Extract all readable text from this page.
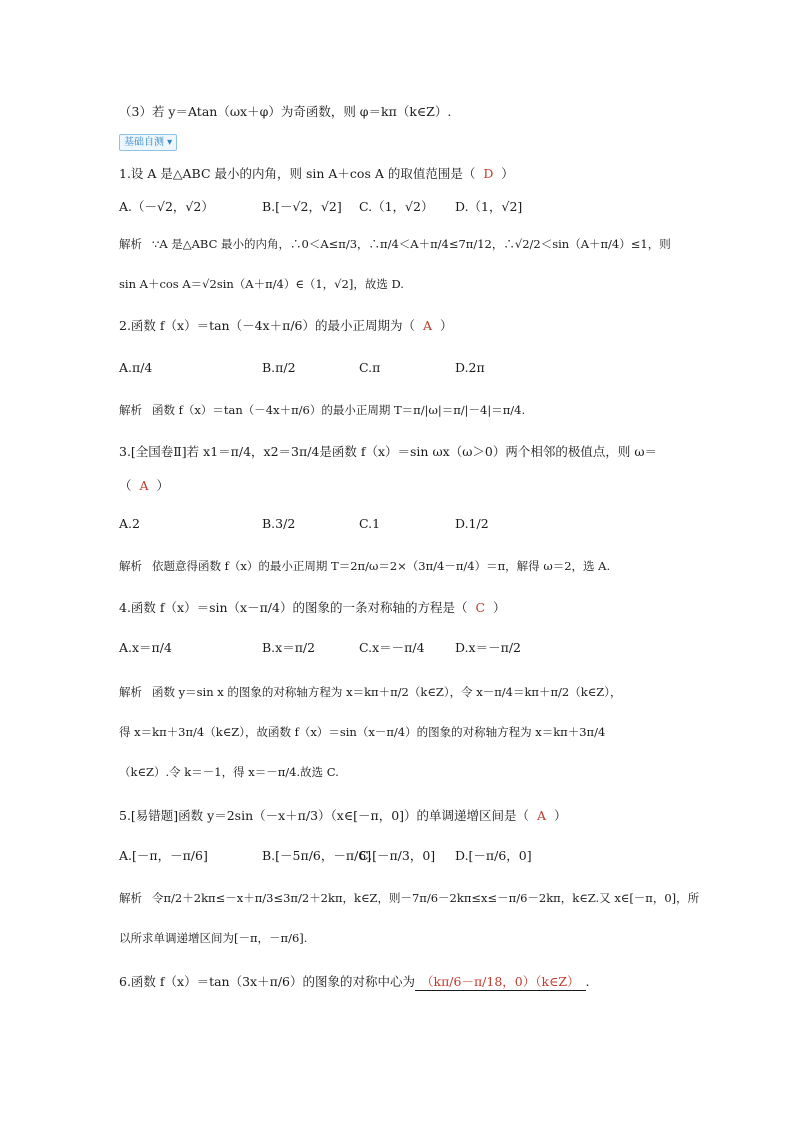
（3）若 y＝Atan（ωx＋φ）为奇函数，则 φ＝kπ（k∈Z）.
基础自测 ▾
1.设 A 是△ABC 最小的内角，则 sin A＋cos A 的取值范围是（ D ）
A.（－√2，√2）	B.[－√2，√2] C.（1，√2） D.（1，√2]
解析 ∵A 是△ABC 最小的内角，∴0＜A≤π/3，∴π/4＜A＋π/4≤7π/12，∴√2/2＜sin（A＋π/4）≤1，则
sin A＋cos A＝√2sin（A＋π/4）∈（1，√2]，故选 D.
2.函数 f（x）＝tan（－4x＋π/6）的最小正周期为（ A ）
A.π/4	B.π/2	C.π	D.2π
解析 函数 f（x）＝tan（－4x＋π/6）的最小正周期 T＝π/|ω|＝π/|－4|＝π/4.
3.[全国卷Ⅱ]若 x1＝π/4，x2＝3π/4是函数 f（x）＝sin ωx（ω＞0）两个相邻的极值点，则 ω＝
（ A ）
A.2	B.3/2	C.1	D.1/2
解析 依题意得函数 f（x）的最小正周期 T＝2π/ω＝2×（3π/4－π/4）＝π，解得 ω＝2，选 A.
4.函数 f（x）＝sin（x－π/4）的图象的一条对称轴的方程是（ C ）
A.x＝π/4	B.x＝π/2	C.x＝－π/4 D.x＝－π/2
解析 函数 y＝sin x 的图象的对称轴方程为 x＝kπ＋π/2（k∈Z），令 x－π/4＝kπ＋π/2（k∈Z），
得 x＝kπ＋3π/4（k∈Z），故函数 f（x）＝sin（x－π/4）的图象的对称轴方程为 x＝kπ＋3π/4
（k∈Z）.令 k＝－1，得 x＝－π/4.故选 C.
5.[易错题]函数 y＝2sin（－x＋π/3）（x∈[－π，0]）的单调递增区间是（ A ）
A.[－π，－π/6]	B.[－5π/6，－π/6]
C.[－π/3，0] D.[－π/6，0]
解析 令π/2＋2kπ≤－x＋π/3≤3π/2＋2kπ，k∈Z，则－7π/6－2kπ≤x≤－π/6－2kπ，k∈Z.又 x∈[－π，0]，所
以所求单调递增区间为[－π，－π/6].
6.函数 f（x）＝tan（3x＋π/6）的图象的对称中心为 （kπ/6－π/18，0）（k∈Z） .
